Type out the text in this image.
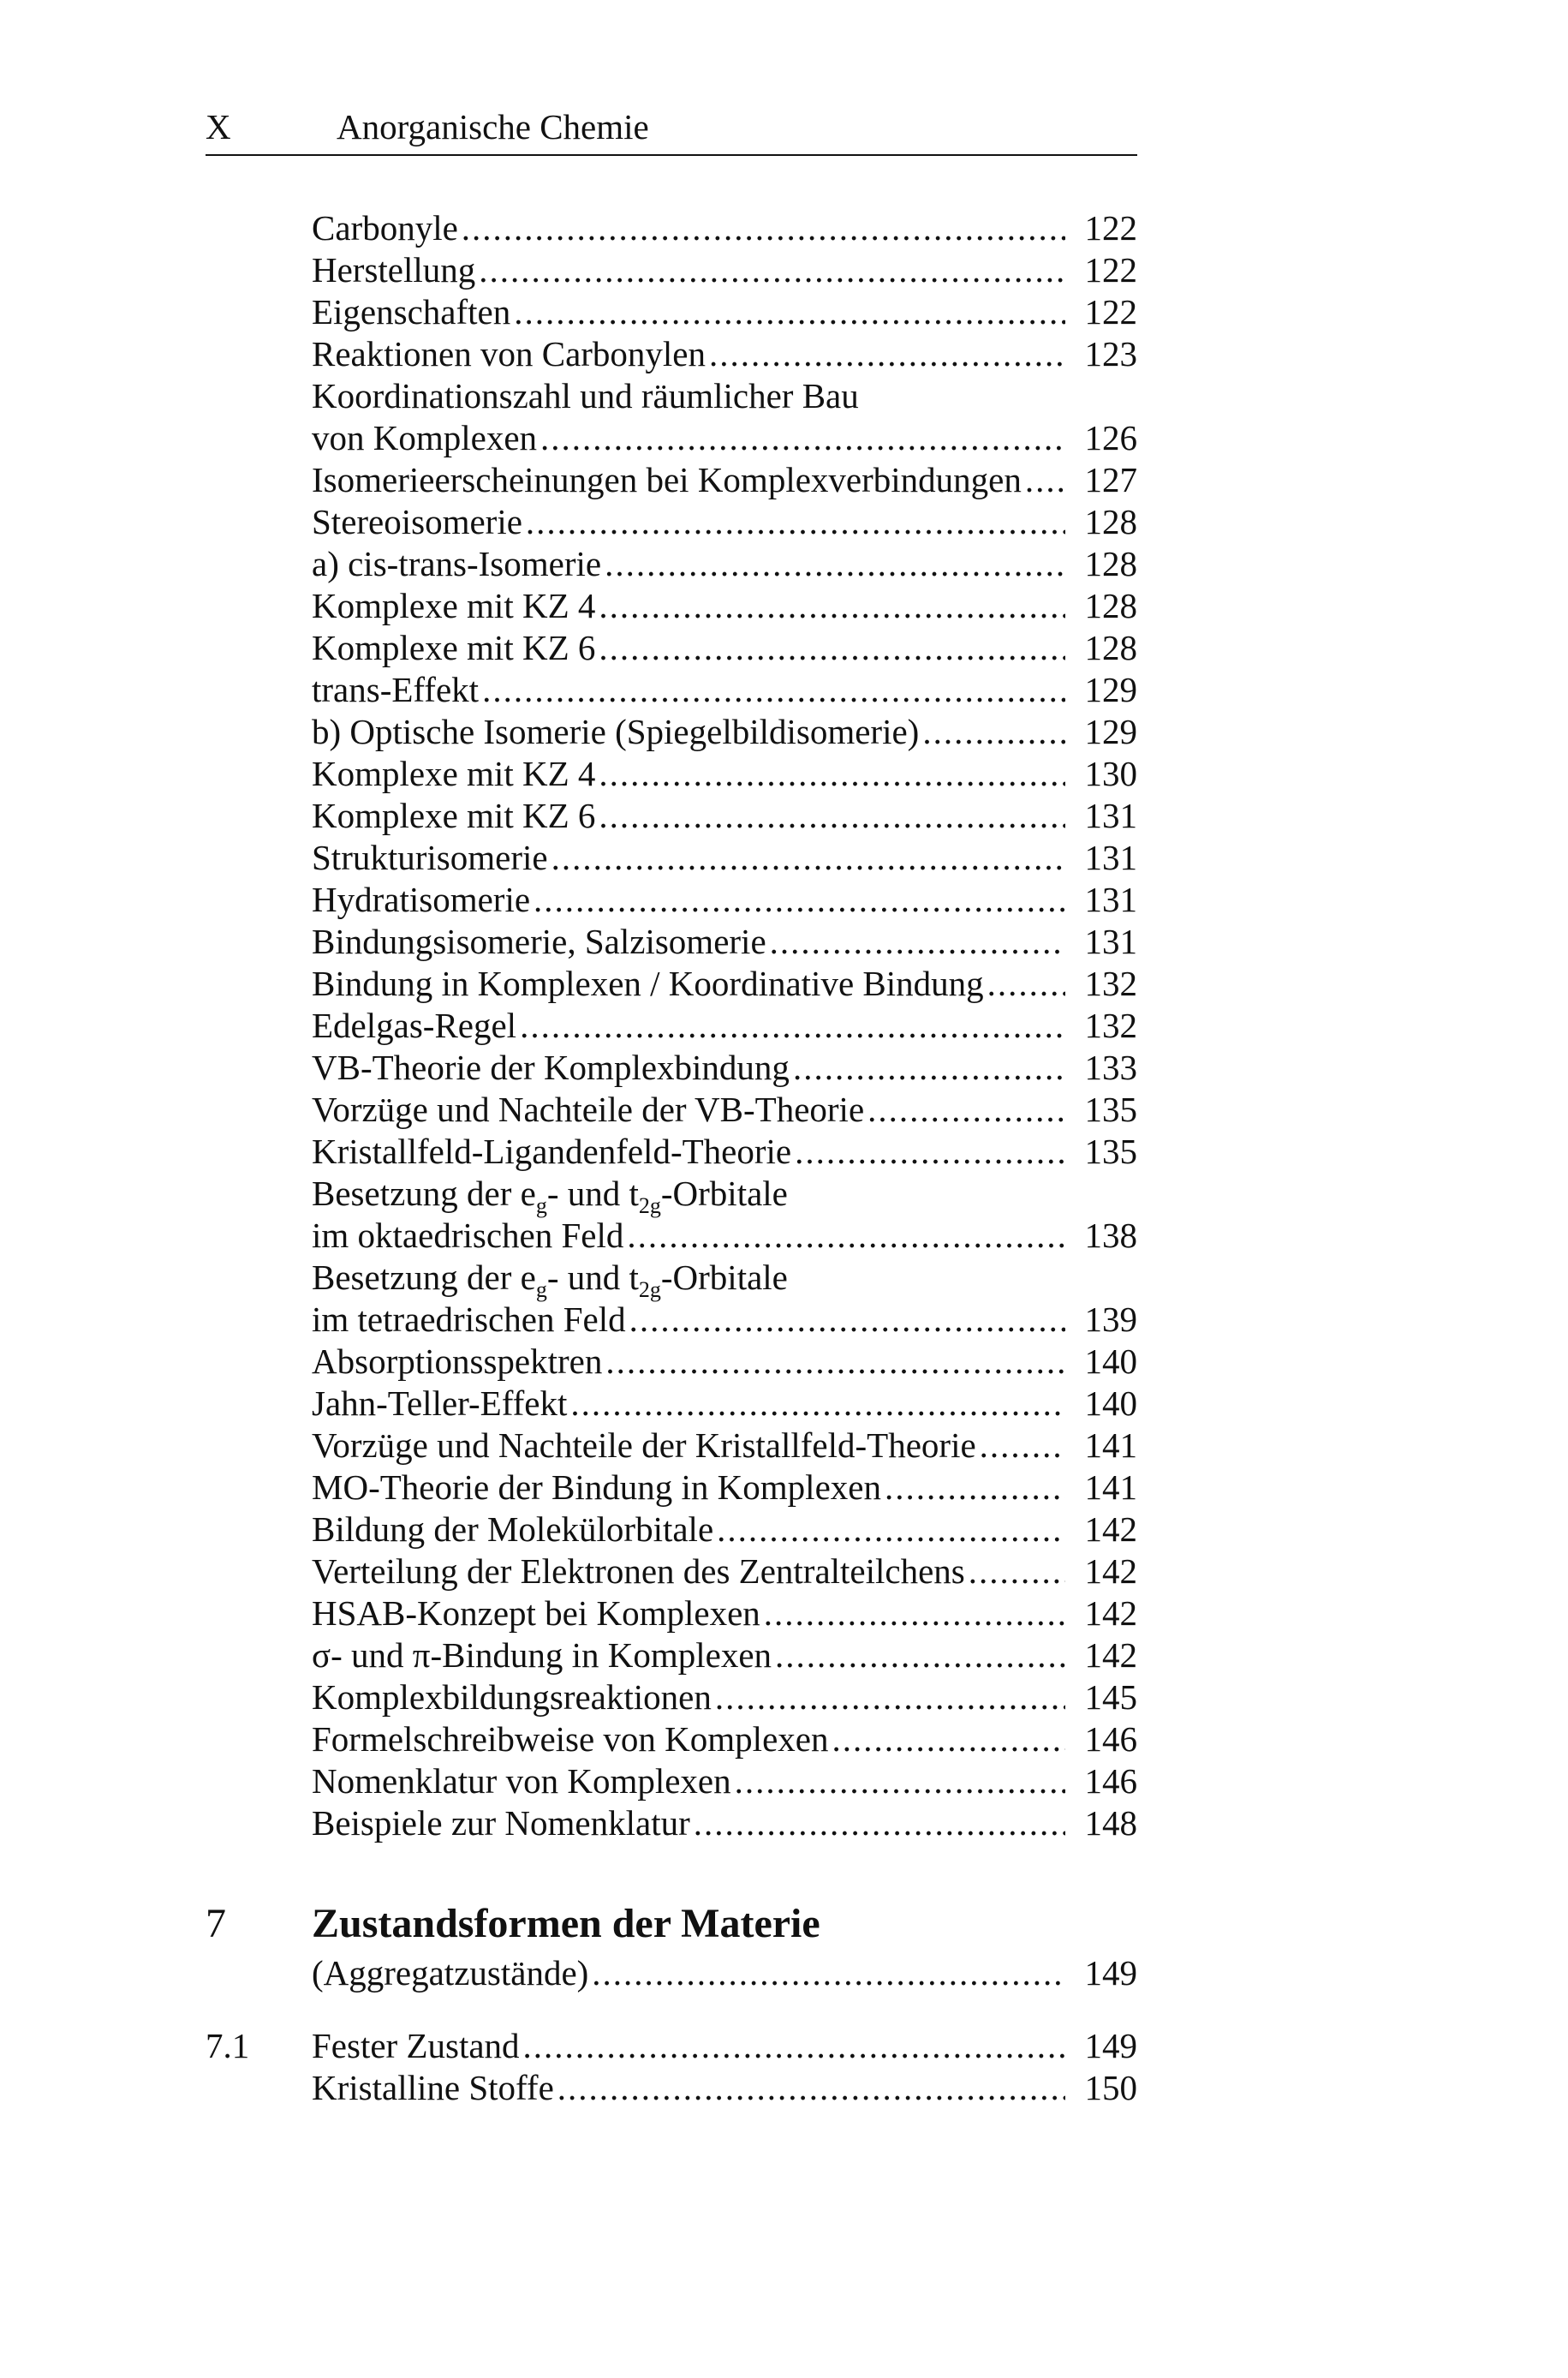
X	Anorganische Chemie
Carbonyle .....	122
Herstellung .....	122
Eigenschaften .....	122
Reaktionen von Carbonylen .....	123
Koordinationszahl und räumlicher Bau
von Komplexen .....	126
Isomerieerscheinungen bei Komplexverbindungen ..... 127
Stereoisomerie .....	128
a) cis-trans-Isomerie .....	128
Komplexe mit KZ 4 .....	128
Komplexe mit KZ 6 .....	128
trans-Effekt .....	129
b) Optische Isomerie (Spiegelbildisomerie) .....	129
Komplexe mit KZ 4 .....	130
Komplexe mit KZ 6 .....	131
Strukturisomerie .....	131
Hydratisomerie .....	131
Bindungsisomerie, Salzisomerie .....	131
Bindung in Komplexen / Koordinative Bindung .....	132
Edelgas-Regel .....	132
VB-Theorie der Komplexbindung .....	133
Vorzüge und Nachteile der VB-Theorie .....	135
Kristallfeld-Ligandenfeld-Theorie .....	135
Besetzung der $e_g-$ und $t_{2g}$-Orbitale
im oktaedrischen Feld .....	138
Besetzung der $e_g-$ und $t_{2g}$-Orbitale
im tetraedrischen Feld .....	139
Absorptionsspektren .....	140
Jahn-Teller-Effekt .....	140
Vorzüge und Nachteile der Kristallfeld-Theorie .....	141
MO-Theorie der Bindung in Komplexen .....	141
Bildung der Molekülorbitale .....	142
Verteilung der Elektronen des Zentralteilchens .....	142
HSAB-Konzept bei Komplexen .....	142
σ- und π-Bindung in Komplexen .....	142
Komplexbildungsreaktionen .....	145
Formelschreibweise von Komplexen .....	146
Nomenklatur von Komplexen .....	146
Beispiele zur Nomenklatur .....	148
7 Zustandsformen der Materie
(Aggregatzustände) .....	149
7.1 Fester Zustand .....	149
Kristalline Stoffe .....	150
